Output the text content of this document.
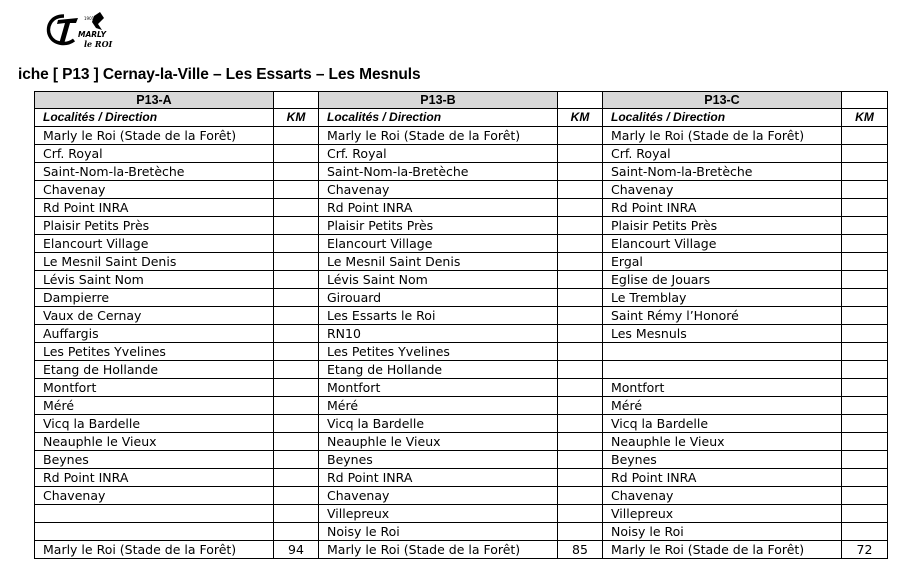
MARLY
le ROI
1901
iche [ P13 ] Cernay-la-Ville – Les Essarts – Les Mesnuls
P13-A		P13-B		P13-C	
Localités / Direction	KM	Localités / Direction	KM	Localités / Direction	KM
Marly le Roi (Stade de la Forêt)		Marly le Roi (Stade de la Forêt)		Marly le Roi (Stade de la Forêt)	
Crf. Royal		Crf. Royal		Crf. Royal	
Saint-Nom-la-Bretèche		Saint-Nom-la-Bretèche		Saint-Nom-la-Bretèche	
Chavenay		Chavenay		Chavenay	
Rd Point INRA		Rd Point INRA		Rd Point INRA	
Plaisir Petits Près		Plaisir Petits Près		Plaisir Petits Près	
Elancourt Village		Elancourt Village		Elancourt Village	
Le Mesnil Saint Denis		Le Mesnil Saint Denis		Ergal	
Lévis Saint Nom		Lévis Saint Nom		Eglise de Jouars	
Dampierre		Girouard		Le Tremblay	
Vaux de Cernay		Les Essarts le Roi		Saint Rémy l’Honoré	
Auffargis		RN10		Les Mesnuls	
Les Petites Yvelines		Les Petites Yvelines			
Etang de Hollande		Etang de Hollande			
Montfort		Montfort		Montfort	
Méré		Méré		Méré	
Vicq la Bardelle		Vicq la Bardelle		Vicq la Bardelle	
Neauphle le Vieux		Neauphle le Vieux		Neauphle le Vieux	
Beynes		Beynes		Beynes	
Rd Point INRA		Rd Point INRA		Rd Point INRA	
Chavenay		Chavenay		Chavenay	
		Villepreux		Villepreux	
		Noisy le Roi		Noisy le Roi	
Marly le Roi (Stade de la Forêt)	94	Marly le Roi (Stade de la Forêt)	85	Marly le Roi (Stade de la Forêt)	72
